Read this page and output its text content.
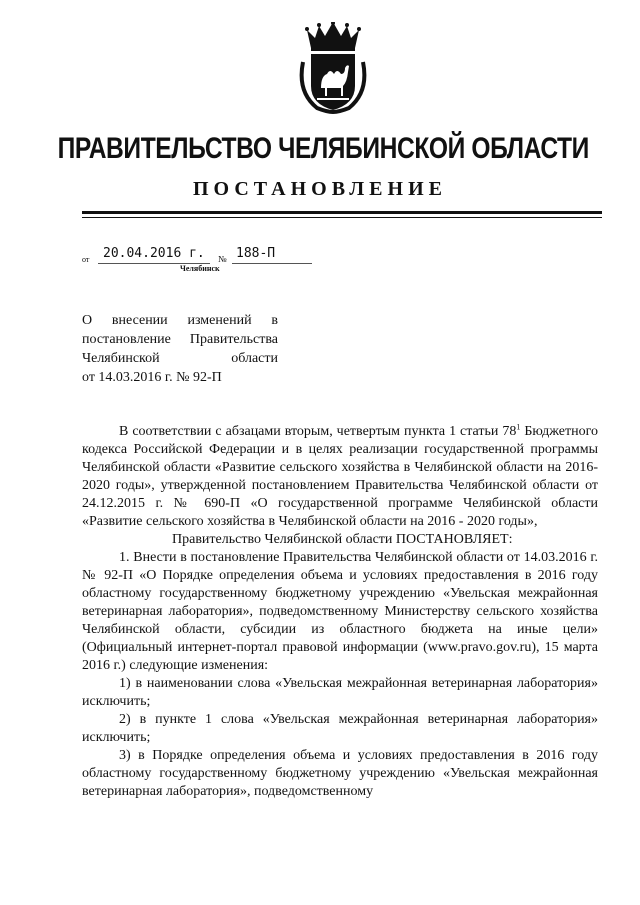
ПРАВИТЕЛЬСТВО ЧЕЛЯБИНСКОЙ ОБЛАСТИ
ПОСТАНОВЛЕНИЕ
от 20.04.2016 г. № 188-П
Челябинск
О внесении изменений в
постановление Правительства
Челябинской области
от 14.03.2016 г. № 92-П

В соответствии с абзацами вторым, четвертым пункта 1 статьи $78^1$ Бюджетного кодекса Российской Федерации и в целях реализации государственной программы Челябинской области «Развитие сельского хозяйства в Челябинской области на 2016-2020 годы», утвержденной постановлением Правительства Челябинской области от 24.12.2015 г. № 690-П «О государственной программе Челябинской области «Развитие сельского хозяйства в Челябинской области на 2016 - 2020 годы»,

Правительство Челябинской области ПОСТАНОВЛЯЕТ:

1. Внести в постановление Правительства Челябинской области от 14.03.2016 г. № 92-П «О Порядке определения объема и условиях предоставления в 2016 году областному государственному бюджетному учреждению «Увельская межрайонная ветеринарная лаборатория», подведомственному Министерству сельского хозяйства Челябинской области, субсидии из областного бюджета на иные цели» (Официальный интернет-портал правовой информации (www.pravo.gov.ru), 15 марта 2016 г.) следующие изменения:

1) в наименовании слова «Увельская межрайонная ветеринарная лаборатория» исключить;

2) в пункте 1 слова «Увельская межрайонная ветеринарная лаборатория» исключить;

3) в Порядке определения объема и условиях предоставления в 2016 году областному государственному бюджетному учреждению «Увельская межрайонная ветеринарная лаборатория», подведомственному
